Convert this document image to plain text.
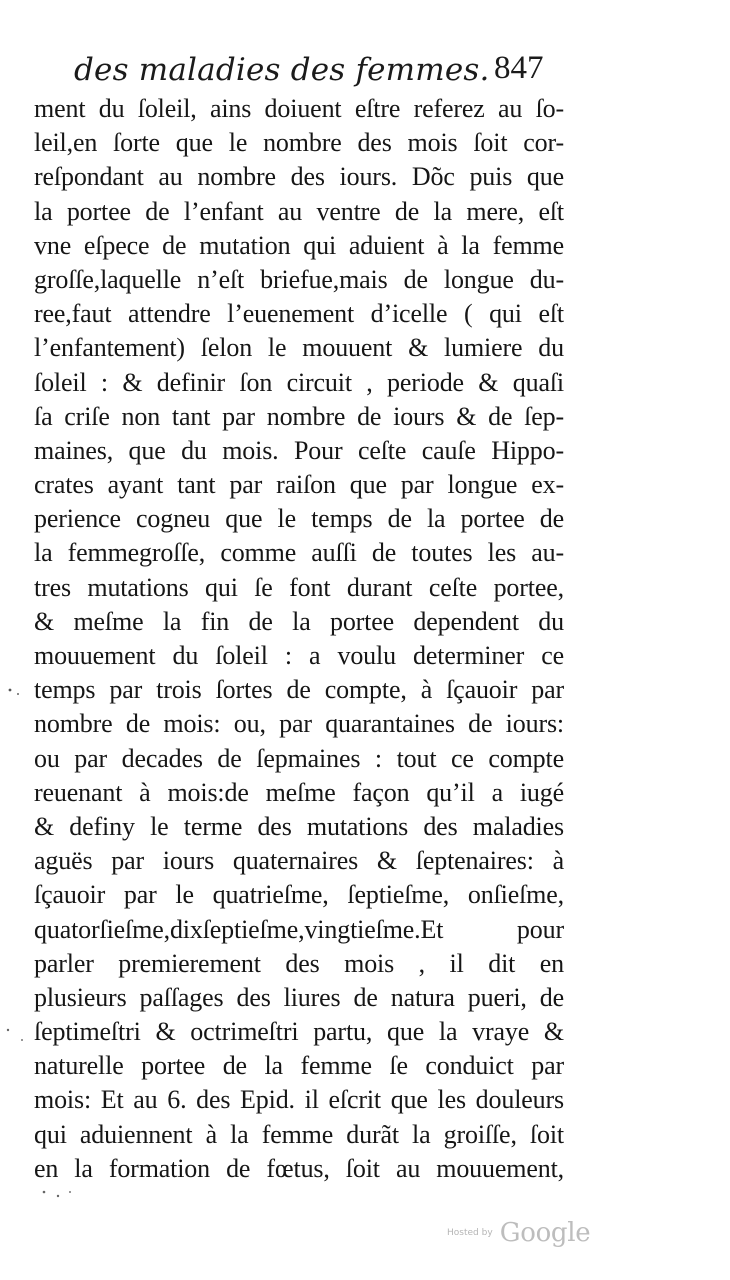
des maladies des femmes. 847
ment du ſoleil, ains doiuent eſtre referez au ſo-
leil,en ſorte que le nombre des mois ſoit cor-
reſpondant au nombre des iours. Dõc puis que
la portee de l’enfant au ventre de la mere, eſt
vne eſpece de mutation qui aduient à la femme
groſſe,laquelle n’eſt briefue,mais de longue du-
ree,faut attendre l’euenement d’icelle ( qui eſt
l’enfantement) ſelon le mouuent & lumiere du
ſoleil : & definir ſon circuit , periode & quaſi
ſa criſe non tant par nombre de iours & de ſep-
maines, que du mois. Pour ceſte cauſe Hippo-
crates ayant tant par raiſon que par longue ex-
perience cogneu que le temps de la portee de
la femmegroſſe, comme auſſi de toutes les au-
tres mutations qui ſe font durant ceſte portee,
& meſme la fin de la portee dependent du
mouuement du ſoleil : a voulu determiner ce
temps par trois ſortes de compte, à ſçauoir par
nombre de mois: ou, par quarantaines de iours:
ou par decades de ſepmaines : tout ce compte
reuenant à mois:de meſme façon qu’il a iugé
& definy le terme des mutations des maladies
aguës par iours quaternaires & ſeptenaires: à
ſçauoir par le quatrieſme, ſeptieſme, onſieſme,
quatorſieſme,dixſeptieſme,vingtieſme.Et pour
parler premierement des mois , il dit en
plusieurs paſſages des liures de natura pueri, de
ſeptimeſtri & octrimeſtri partu, que la vraye &
naturelle portee de la femme ſe conduict par
mois: Et au 6. des Epid. il eſcrit que les douleurs
qui aduiennent à la femme durãt la groiſſe, ſoit
en la formation de fœtus, ſoit au mouuement,
Hosted by Google
